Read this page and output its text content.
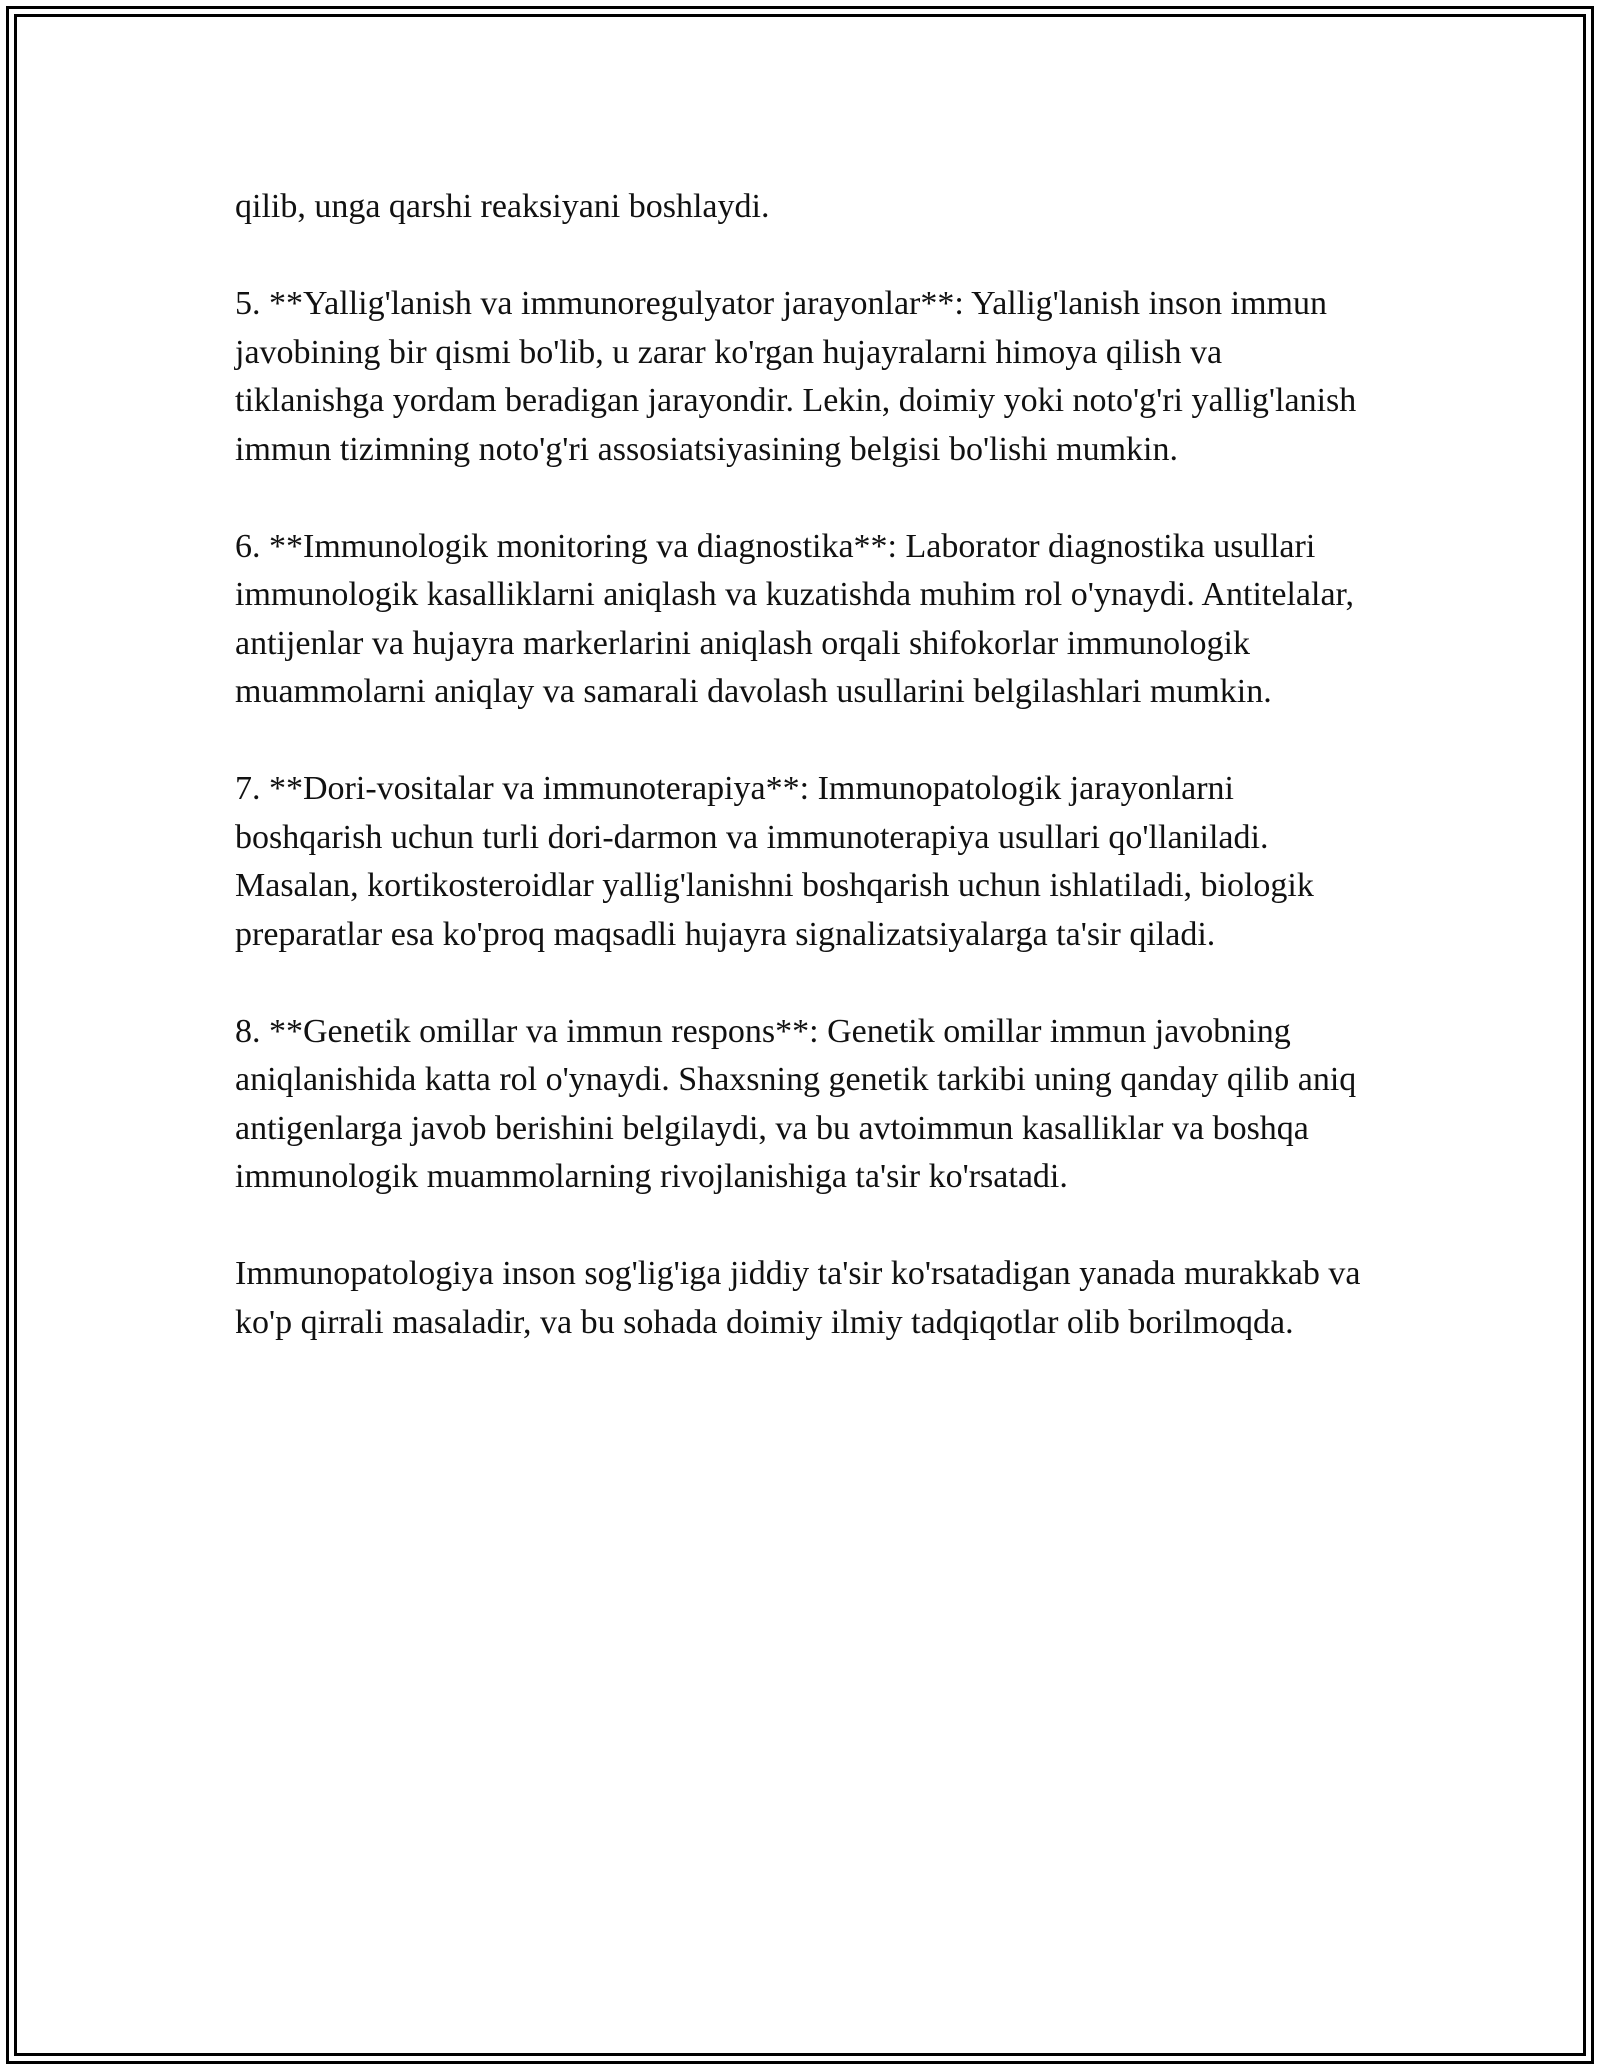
qilib, unga qarshi reaksiyani boshlaydi.

5. **Yallig'lanish va immunoregulyator jarayonlar**: Yallig'lanish inson immun javobining bir qismi bo'lib, u zarar ko'rgan hujayralarni himoya qilish va tiklanishga yordam beradigan jarayondir. Lekin, doimiy yoki noto'g'ri yallig'lanish immun tizimning noto'g'ri assosiatsiyasining belgisi bo'lishi mumkin.

6. **Immunologik monitoring va diagnostika**: Laborator diagnostika usullari immunologik kasalliklarni aniqlash va kuzatishda muhim rol o'ynaydi. Antitelalar, antijenlar va hujayra markerlarini aniqlash orqali shifokorlar immunologik muammolarni aniqlay va samarali davolash usullarini belgilashlari mumkin.

7. **Dori-vositalar va immunoterapiya**: Immunopatologik jarayonlarni boshqarish uchun turli dori-darmon va immunoterapiya usullari qo'llaniladi. Masalan, kortikosteroidlar yallig'lanishni boshqarish uchun ishlatiladi, biologik preparatlar esa ko'proq maqsadli hujayra signalizatsiyalarga ta'sir qiladi.

8. **Genetik omillar va immun respons**: Genetik omillar immun javobning aniqlanishida katta rol o'ynaydi. Shaxsning genetik tarkibi uning qanday qilib aniq antigenlarga javob berishini belgilaydi, va bu avtoimmun kasalliklar va boshqa immunologik muammolarning rivojlanishiga ta'sir ko'rsatadi.

Immunopatologiya inson sog'lig'iga jiddiy ta'sir ko'rsatadigan yanada murakkab va ko'p qirrali masaladir, va bu sohada doimiy ilmiy tadqiqotlar olib borilmoqda.
